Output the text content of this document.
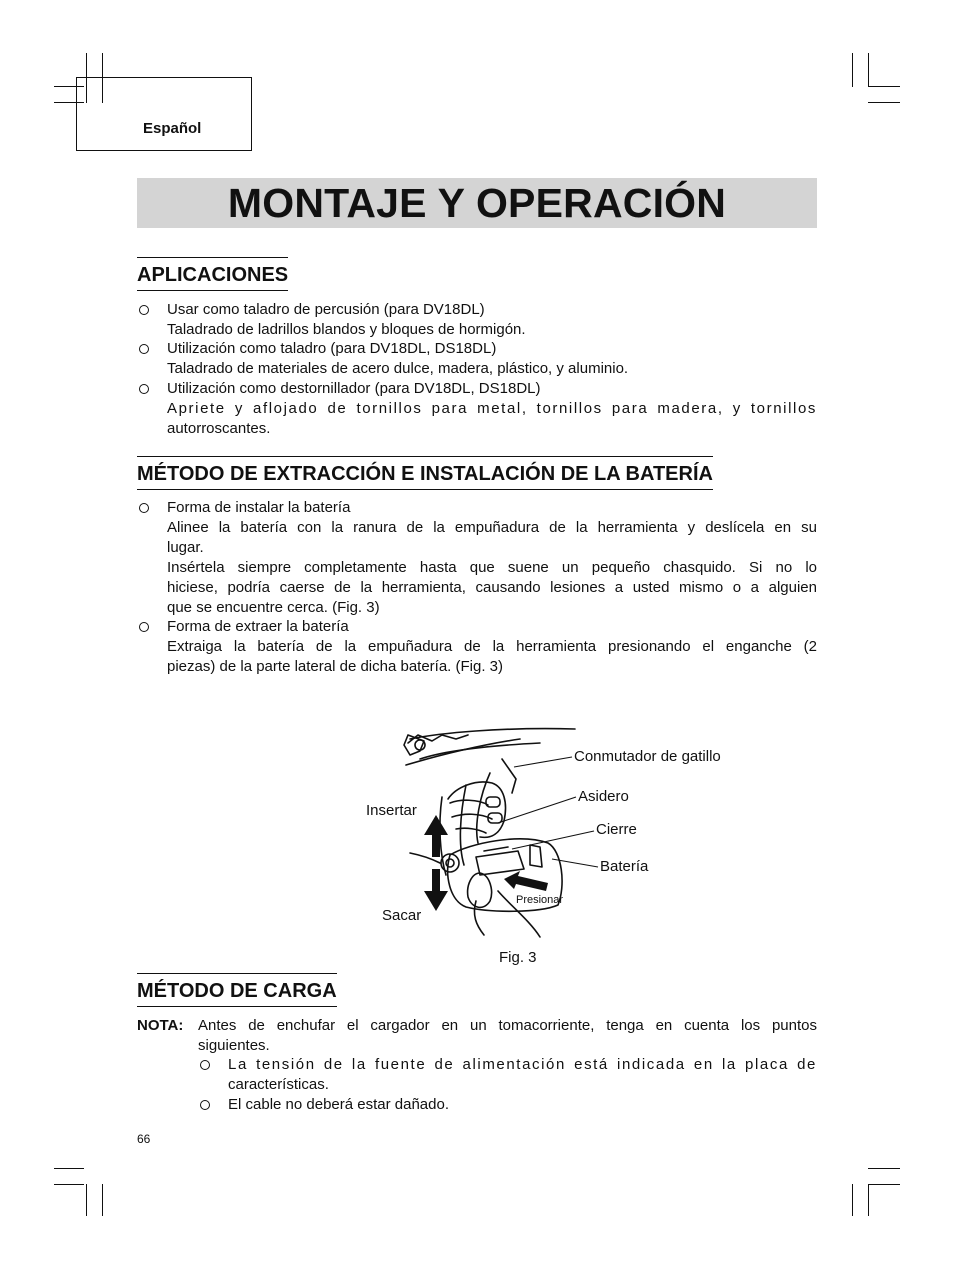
Español
MONTAJE Y OPERACIÓN
APLICACIONES
Usar como taladro de percusión (para DV18DL)
Taladrado de ladrillos blandos y bloques de hormigón.
Utilización como taladro (para DV18DL, DS18DL)
Taladrado de materiales de acero dulce, madera, plástico, y aluminio.
Utilización como destornillador (para DV18DL, DS18DL)
Apriete y aflojado de tornillos para metal, tornillos para madera, y tornillos
autorroscantes.
MÉTODO DE EXTRACCIÓN E INSTALACIÓN DE LA BATERÍA
Forma de instalar la batería
Alinee la batería con la ranura de la empuñadura de la herramienta y deslícela en su
lugar.
Insértela siempre completamente hasta que suene un pequeño chasquido. Si no lo
hiciese, podría caerse de la herramienta, causando lesiones a usted mismo o a alguien
que se encuentre cerca. (Fig. 3)
Forma de extraer la batería
Extraiga la batería de la empuñadura de la herramienta presionando el enganche (2
piezas) de la parte lateral de dicha batería. (Fig. 3)
Conmutador de gatillo
Asidero
Insertar
Cierre
Batería
Presionar
Sacar
Fig. 3
MÉTODO DE CARGA
NOTA: Antes de enchufar el cargador en un tomacorriente, tenga en cuenta los puntos
siguientes.
La tensión de la fuente de alimentación está indicada en la placa de
características.
El cable no deberá estar dañado.
66
